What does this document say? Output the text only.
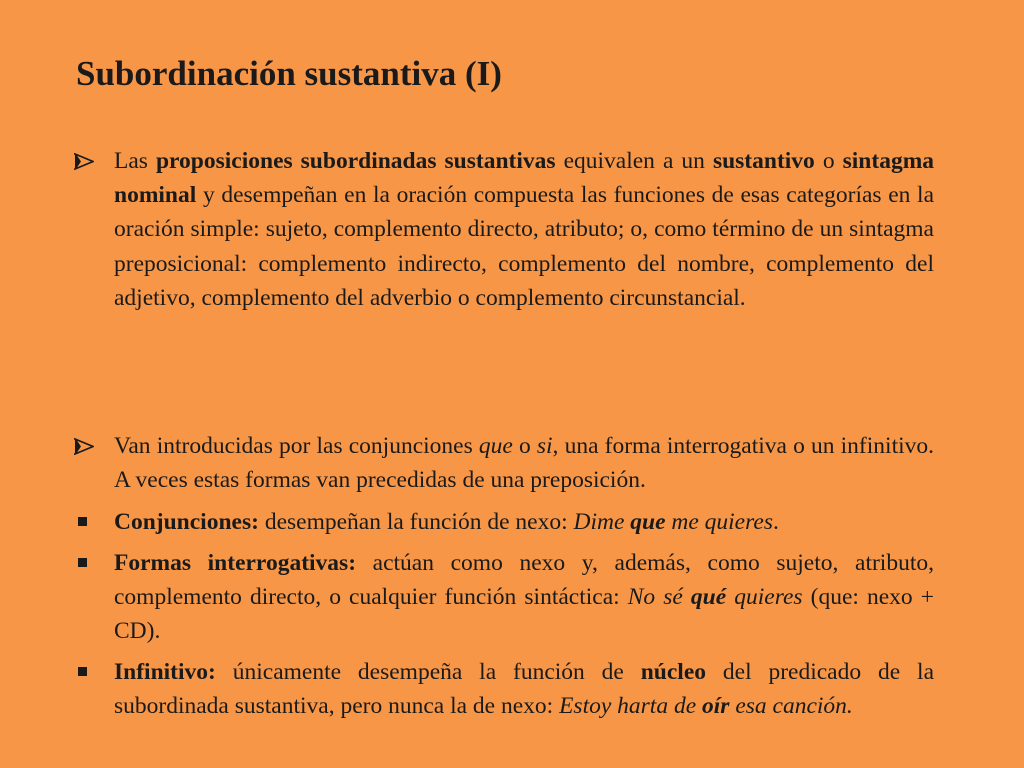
Subordinación sustantiva (I)
Las proposiciones subordinadas sustantivas equivalen a un sustantivo o sintagma nominal y desempeñan en la oración compuesta las funciones de esas categorías en la oración simple: sujeto, complemento directo, atributo; o, como término de un sintagma preposicional: complemento indirecto, complemento del nombre, complemento del adjetivo, complemento del adverbio o complemento circunstancial.
Van introducidas por las conjunciones que o si, una forma interrogativa o un infinitivo. A veces estas formas van precedidas de una preposición.
Conjunciones: desempeñan la función de nexo: Dime que me quieres.
Formas interrogativas: actúan como nexo y, además, como sujeto, atributo, complemento directo, o cualquier función sintáctica: No sé qué quieres (que: nexo + CD).
Infinitivo: únicamente desempeña la función de núcleo del predicado de la subordinada sustantiva, pero nunca la de nexo: Estoy harta de oír esa canción.
